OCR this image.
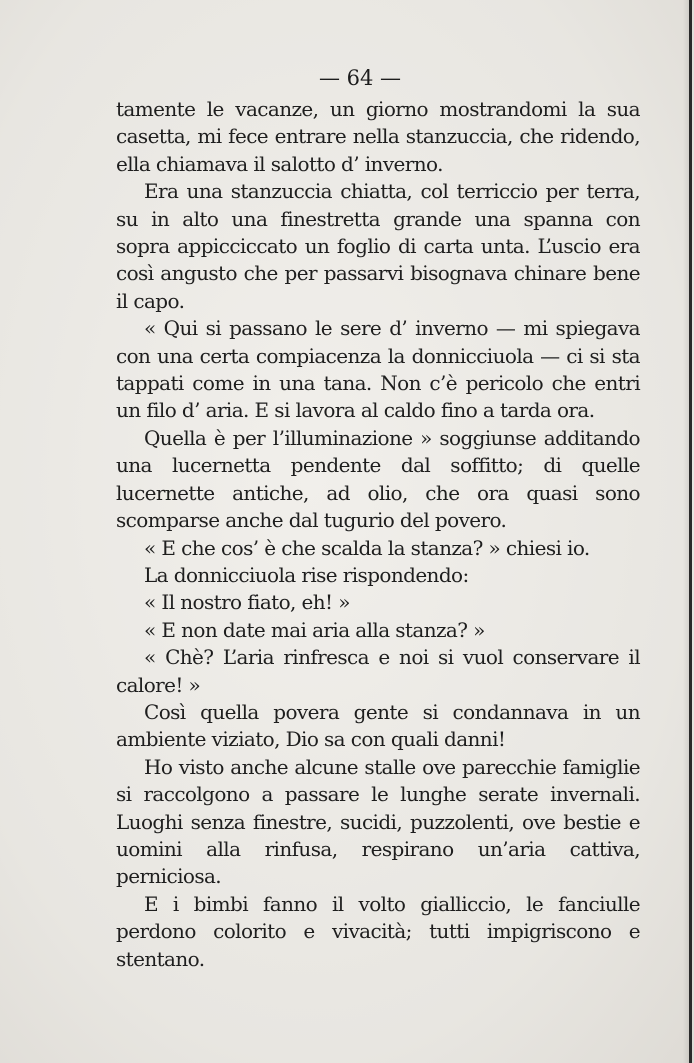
— 64 —

tamente le vacanze, un giorno mostrandomi la sua casetta, mi fece entrare nella stanzuccia, che ridendo, ella chiamava il salotto d’ inverno.

Era una stanzuccia chiatta, col terriccio per terra, su in alto una finestretta grande una spanna con sopra appicciccato un foglio di carta unta. L’uscio era così angusto che per passarvi bisognava chinare bene il capo.

« Qui si passano le sere d’ inverno — mi spiegava con una certa compiacenza la donnicciuola — ci si sta tappati come in una tana. Non c’è pericolo che entri un filo d’ aria. E si lavora al caldo fino a tarda ora.

Quella è per l’illuminazione » soggiunse additando una lucernetta pendente dal soffitto; di quelle lucernette antiche, ad olio, che ora quasi sono scomparse anche dal tugurio del povero.

« E che cos’ è che scalda la stanza? » chiesi io.

La donnicciuola rise rispondendo:

« Il nostro fiato, eh! »

« E non date mai aria alla stanza? »

« Chè? L’aria rinfresca e noi si vuol conservare il calore! »

Così quella povera gente si condannava in un ambiente viziato, Dio sa con quali danni!

Ho visto anche alcune stalle ove parecchie famiglie si raccolgono a passare le lunghe serate invernali. Luoghi senza finestre, sucidi, puzzolenti, ove bestie e uomini alla rinfusa, respirano un’aria cattiva, perniciosa.

E i bimbi fanno il volto gialliccio, le fanciulle perdono colorito e vivacità; tutti impigriscono e stentano.
